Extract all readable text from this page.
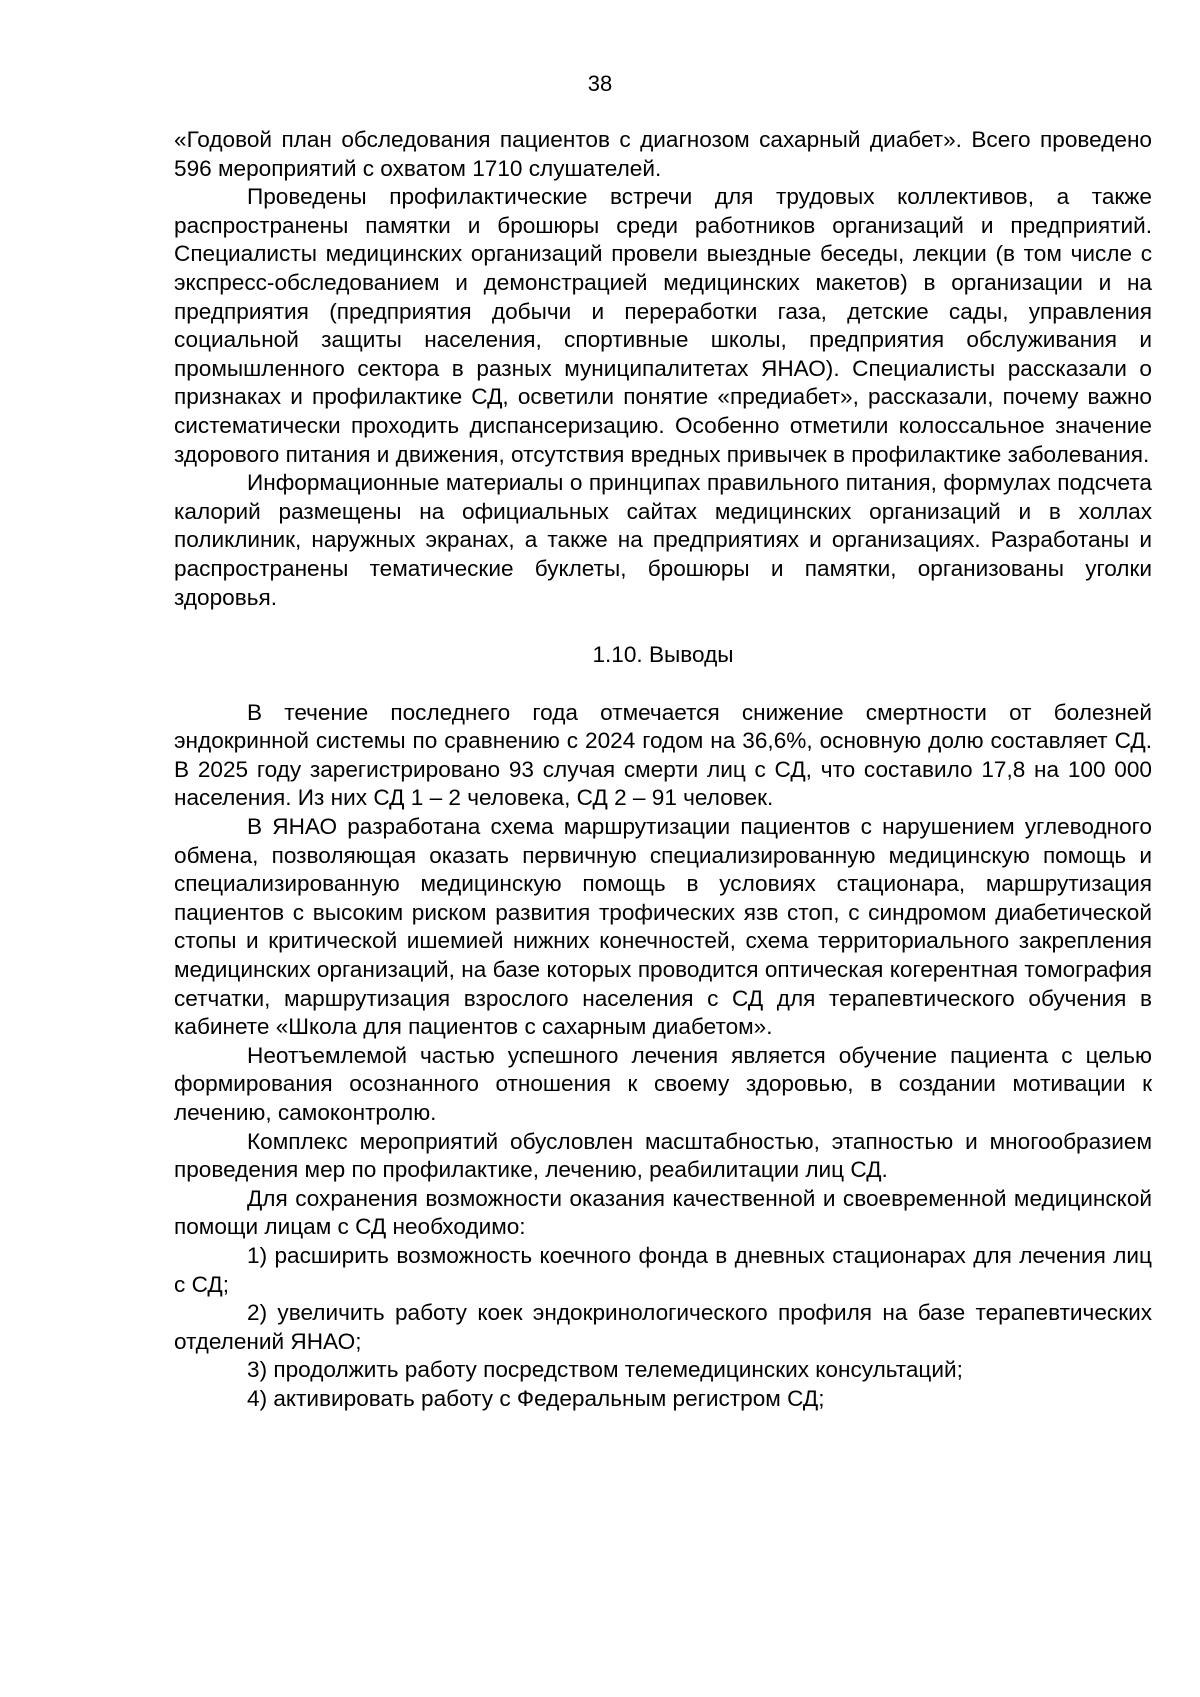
38

«Годовой план обследования пациентов с диагнозом сахарный диабет». Всего проведено 596 мероприятий с охватом 1710 слушателей.

Проведены профилактические встречи для трудовых коллективов, а также распространены памятки и брошюры среди работников организаций и предприятий. Специалисты медицинских организаций провели выездные беседы, лекции (в том числе с экспресс-обследованием и демонстрацией медицинских макетов) в организации и на предприятия (предприятия добычи и переработки газа, детские сады, управления социальной защиты населения, спортивные школы, предприятия обслуживания и промышленного сектора в разных муниципалитетах ЯНАО). Специалисты рассказали о признаках и профилактике СД, осветили понятие «предиабет», рассказали, почему важно систематически проходить диспансеризацию. Особенно отметили колоссальное значение здорового питания и движения, отсутствия вредных привычек в профилактике заболевания.

Информационные материалы о принципах правильного питания, формулах подсчета калорий размещены на официальных сайтах медицинских организаций и в холлах поликлиник, наружных экранах, а также на предприятиях и организациях. Разработаны и распространены тематические буклеты, брошюры и памятки, организованы уголки здоровья.

1.10. Выводы

В течение последнего года отмечается снижение смертности от болезней эндокринной системы по сравнению с 2024 годом на 36,6%, основную долю составляет СД. В 2025 году зарегистрировано 93 случая смерти лиц с СД, что составило 17,8 на 100 000 населения. Из них СД 1 – 2 человека, СД 2 – 91 человек.

В ЯНАО разработана схема маршрутизации пациентов с нарушением углеводного обмена, позволяющая оказать первичную специализированную медицинскую помощь и специализированную медицинскую помощь в условиях стационара, маршрутизация пациентов с высоким риском развития трофических язв стоп, с синдромом диабетической стопы и критической ишемией нижних конечностей, схема территориального закрепления медицинских организаций, на базе которых проводится оптическая когерентная томография сетчатки, маршрутизация взрослого населения с СД для терапевтического обучения в кабинете «Школа для пациентов с сахарным диабетом».

Неотъемлемой частью успешного лечения является обучение пациента с целью формирования осознанного отношения к своему здоровью, в создании мотивации к лечению, самоконтролю.

Комплекс мероприятий обусловлен масштабностью, этапностью и многообразием проведения мер по профилактике, лечению, реабилитации лиц СД.

Для сохранения возможности оказания качественной и своевременной медицинской помощи лицам с СД необходимо:

1) расширить возможность коечного фонда в дневных стационарах для лечения лиц с СД;

2) увеличить работу коек эндокринологического профиля на базе терапевтических отделений ЯНАО;

3) продолжить работу посредством телемедицинских консультаций;

4) активировать работу с Федеральным регистром СД;
